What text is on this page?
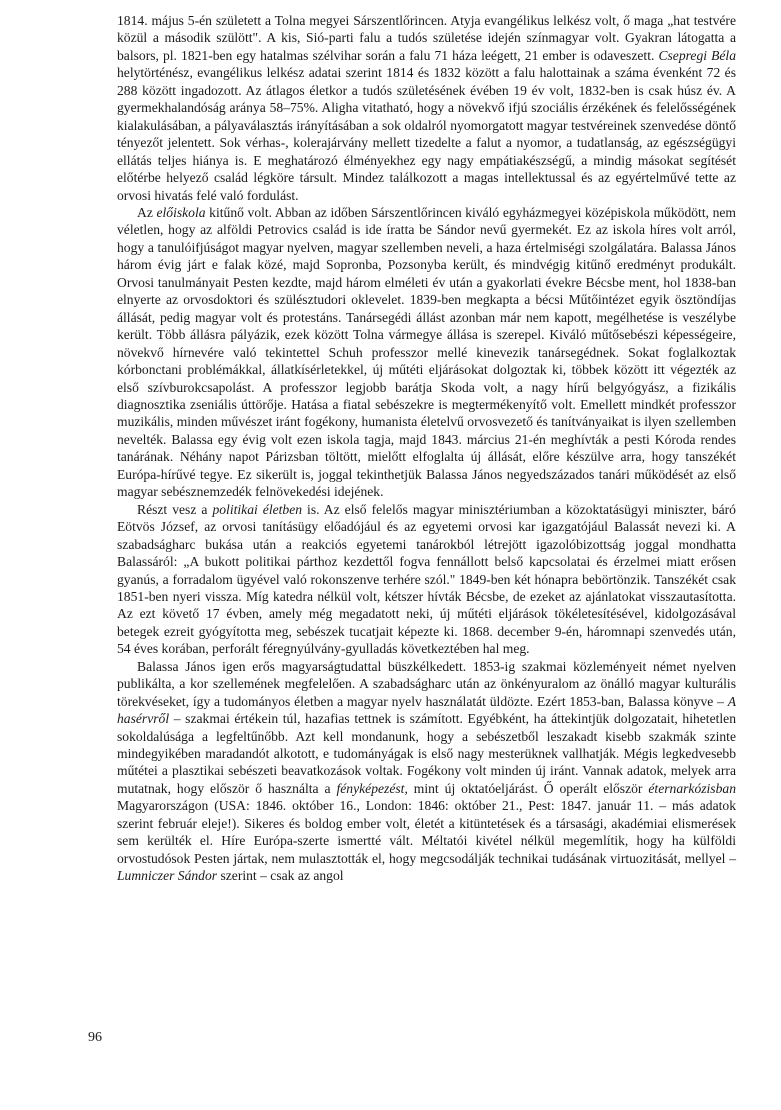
1814. május 5-én született a Tolna megyei Sárszentlőrincen. Atyja evangélikus lelkész volt, ő maga „hat testvére közül a második szülött". A kis, Sió-parti falu a tudós születése idején színmagyar volt. Gyakran látogatta a balsors, pl. 1821-ben egy hatalmas szélvihar során a falu 71 háza leégett, 21 ember is odaveszett. Csepregi Béla helytörténész, evangélikus lelkész adatai szerint 1814 és 1832 között a falu halottainak a száma évenként 72 és 288 között ingadozott. Az átlagos életkor a tudós születésének évében 19 év volt, 1832-ben is csak húsz év. A gyermekhalandóság aránya 58–75%. Aligha vitatható, hogy a növekvő ifjú szociális érzékének és felelősségének kialakulásában, a pályaválasztás irányításában a sok oldalról nyomorgatott magyar testvéreinek szenvedése döntő tényezőt jelentett. Sok vérhas-, kolerajárvány mellett tizedelte a falut a nyomor, a tudatlanság, az egészségügyi ellátás teljes hiánya is. E meghatározó élményekhez egy nagy empátiakészségű, a mindig másokat segítését előtérbe helyező család légköre társult. Mindez találkozott a magas intellektussal és az egyértelművé tette az orvosi hivatás felé való fordulást.

Az előiskola kitűnő volt. Abban az időben Sárszentlőrincen kiváló egyházmegyei középiskola működött, nem véletlen, hogy az alföldi Petrovics család is ide íratta be Sándor nevű gyermekét. Ez az iskola híres volt arról, hogy a tanulóifjúságot magyar nyelven, magyar szellemben neveli, a haza értelmiségi szolgálatára. Balassa János három évig járt e falak közé, majd Sopronba, Pozsonyba került, és mindvégig kitűnő eredményt produkált. Orvosi tanulmányait Pesten kezdte, majd három elméleti év után a gyakorlati évekre Bécsbe ment, hol 1838-ban elnyerte az orvosdoktori és szülésztudori oklevelet. 1839-ben megkapta a bécsi Műtőintézet egyik ösztöndíjas állását, pedig magyar volt és protestáns. Tanársegédi állást azonban már nem kapott, megélhetése is veszélybe került. Több állásra pályázik, ezek között Tolna vármegye állása is szerepel. Kiváló műtősebészi képességeire, növekvő hírnevére való tekintettel Schuh professzor mellé kinevezik tanársegédnek. Sokat foglalkoztak kórbonctani problémákkal, állatkísérletekkel, új műtéti eljárásokat dolgoztak ki, többek között itt végezték az első szívburokcsapolást. A professzor legjobb barátja Skoda volt, a nagy hírű belgyógyász, a fizikális diagnosztika zseniális úttörője. Hatása a fiatal sebészekre is megtermékenyítő volt. Emellett mindkét professzor muzikális, minden művészet iránt fogékony, humanista életelvű orvosvezető és tanítványaikat is ilyen szellemben nevelték. Balassa egy évig volt ezen iskola tagja, majd 1843. március 21-én meghívták a pesti Kóroda rendes tanárának. Néhány napot Párizsban töltött, mielőtt elfoglalta új állását, előre készülve arra, hogy tanszékét Európa-hírűvé tegye. Ez sikerült is, joggal tekinthetjük Balassa János negyedszázados tanári működését az első magyar sebésznemzedék felnövekedési idejének.

Részt vesz a politikai életben is. Az első felelős magyar minisztériumban a közoktatásügyi miniszter, báró Eötvös József, az orvosi tanításügy előadójául és az egyetemi orvosi kar igazgatójául Balassát nevezi ki. A szabadságharc bukása után a reakciós egyetemi tanárokból létrejött igazolóbizottság joggal mondhatta Balassáról: „A bukott politikai párthoz kezdettől fogva fennállott belső kapcsolatai és érzelmei miatt erősen gyanús, a forradalom ügyével való rokonszenve terhére szól." 1849-ben két hónapra bebörtönzik. Tanszékét csak 1851-ben nyeri vissza. Míg katedra nélkül volt, kétszer hívták Bécsbe, de ezeket az ajánlatokat visszautasította. Az ezt követő 17 évben, amely még megadatott neki, új műtéti eljárások tökéletesítésével, kidolgozásával betegek ezreit gyógyította meg, sebészek tucatjait képezte ki. 1868. december 9-én, háromnapi szenvedés után, 54 éves korában, perforált féregnyúlvány-gyulladás következtében hal meg.

Balassa János igen erős magyarságtudattal büszkélkedett. 1853-ig szakmai közleményeit német nyelven publikálta, a kor szellemének megfelelően. A szabadságharc után az önkényuralom az önálló magyar kulturális törekvéseket, így a tudományos életben a magyar nyelv használatát üldözte. Ezért 1853-ban, Balassa könyve – A hasérvről – szakmai értékein túl, hazafias tettnek is számított. Egyébként, ha áttekintjük dolgozatait, hihetetlen sokoldalúsága a legfeltűnőbb. Azt kell mondanunk, hogy a sebészetből leszakadt kisebb szakmák szinte mindegyikében maradandót alkotott, e tudományágak is első nagy mesterüknek vallhatják. Mégis legkedvesebb műtétei a plasztikai sebészeti beavatkozások voltak. Fogékony volt minden új iránt. Vannak adatok, melyek arra mutatnak, hogy először ő használta a fényképezést, mint új oktatóeljárást. Ő operált először éternarkózisban Magyarországon (USA: 1846. október 16., London: 1846: október 21., Pest: 1847. január 11. – más adatok szerint február eleje!). Sikeres és boldog ember volt, életét a kitüntetések és a társasági, akadémiai elismerések sem kerülték el. Híre Európa-szerte ismertté vált. Méltatói kivétel nélkül megemlítik, hogy ha külföldi orvostudósok Pesten jártak, nem mulasztották el, hogy megcsodálják technikai tudásának virtuozitását, mellyel – Lumniczer Sándor szerint – csak az angol

96
